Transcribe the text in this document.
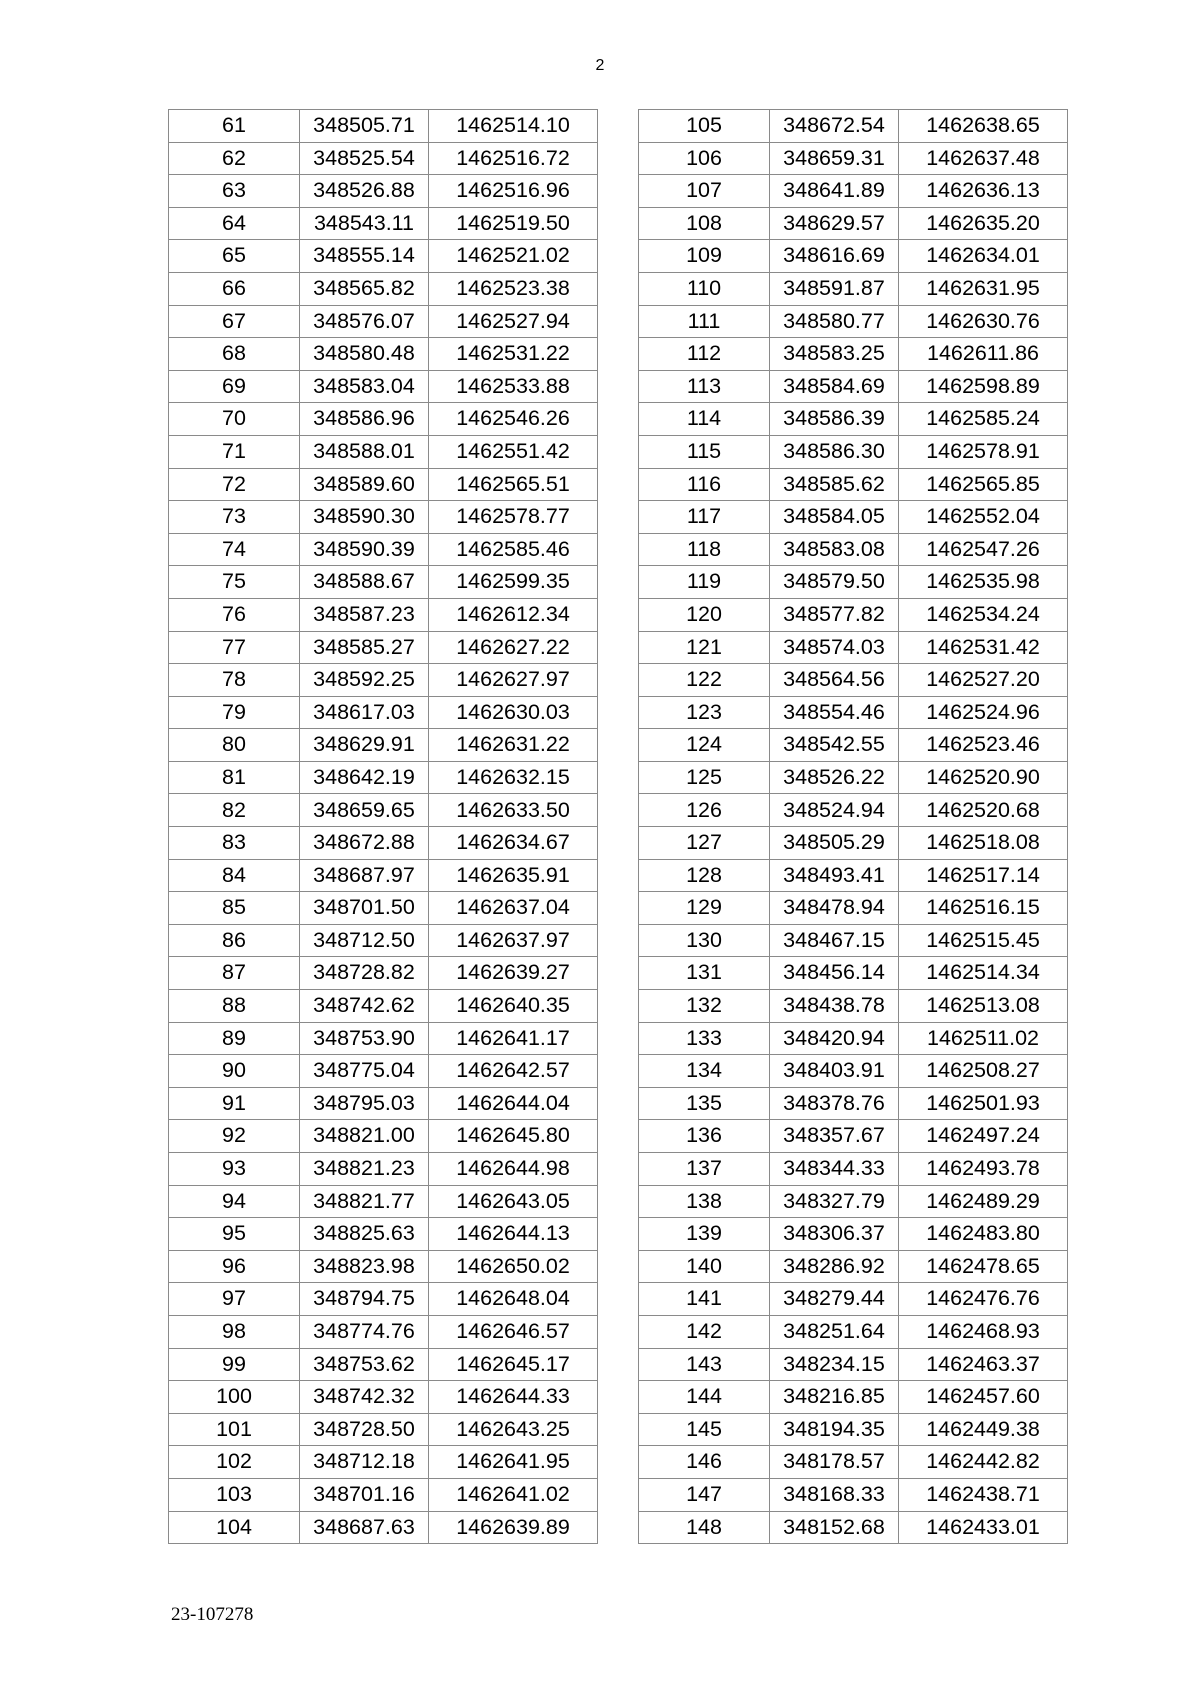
2
61	348505.71	1462514.10
62	348525.54	1462516.72
63	348526.88	1462516.96
64	348543.11	1462519.50
65	348555.14	1462521.02
66	348565.82	1462523.38
67	348576.07	1462527.94
68	348580.48	1462531.22
69	348583.04	1462533.88
70	348586.96	1462546.26
71	348588.01	1462551.42
72	348589.60	1462565.51
73	348590.30	1462578.77
74	348590.39	1462585.46
75	348588.67	1462599.35
76	348587.23	1462612.34
77	348585.27	1462627.22
78	348592.25	1462627.97
79	348617.03	1462630.03
80	348629.91	1462631.22
81	348642.19	1462632.15
82	348659.65	1462633.50
83	348672.88	1462634.67
84	348687.97	1462635.91
85	348701.50	1462637.04
86	348712.50	1462637.97
87	348728.82	1462639.27
88	348742.62	1462640.35
89	348753.90	1462641.17
90	348775.04	1462642.57
91	348795.03	1462644.04
92	348821.00	1462645.80
93	348821.23	1462644.98
94	348821.77	1462643.05
95	348825.63	1462644.13
96	348823.98	1462650.02
97	348794.75	1462648.04
98	348774.76	1462646.57
99	348753.62	1462645.17
100	348742.32	1462644.33
101	348728.50	1462643.25
102	348712.18	1462641.95
103	348701.16	1462641.02
104	348687.63	1462639.89
105	348672.54	1462638.65
106	348659.31	1462637.48
107	348641.89	1462636.13
108	348629.57	1462635.20
109	348616.69	1462634.01
110	348591.87	1462631.95
111	348580.77	1462630.76
112	348583.25	1462611.86
113	348584.69	1462598.89
114	348586.39	1462585.24
115	348586.30	1462578.91
116	348585.62	1462565.85
117	348584.05	1462552.04
118	348583.08	1462547.26
119	348579.50	1462535.98
120	348577.82	1462534.24
121	348574.03	1462531.42
122	348564.56	1462527.20
123	348554.46	1462524.96
124	348542.55	1462523.46
125	348526.22	1462520.90
126	348524.94	1462520.68
127	348505.29	1462518.08
128	348493.41	1462517.14
129	348478.94	1462516.15
130	348467.15	1462515.45
131	348456.14	1462514.34
132	348438.78	1462513.08
133	348420.94	1462511.02
134	348403.91	1462508.27
135	348378.76	1462501.93
136	348357.67	1462497.24
137	348344.33	1462493.78
138	348327.79	1462489.29
139	348306.37	1462483.80
140	348286.92	1462478.65
141	348279.44	1462476.76
142	348251.64	1462468.93
143	348234.15	1462463.37
144	348216.85	1462457.60
145	348194.35	1462449.38
146	348178.57	1462442.82
147	348168.33	1462438.71
148	348152.68	1462433.01
23-107278
